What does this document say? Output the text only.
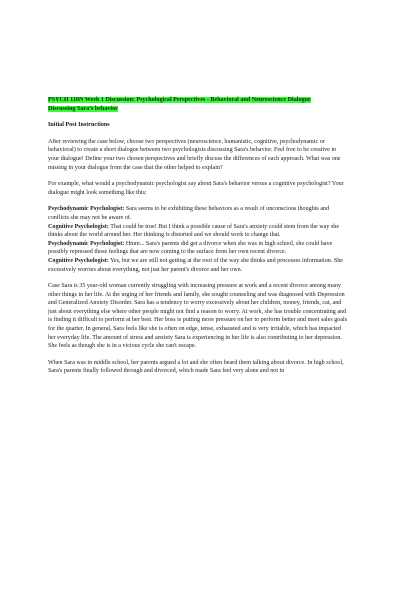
PSYCH 110N Week 1 Discussion: Psychological Perspectives - Behavioral and Neuroscience Dialogue Discussing Sara’s behavior
Initial Post Instructions

After reviewing the case below, choose two perspectives (neuroscience, humanistic, cognitive, psychodynamic or behavioral) to create a short dialogue between two psychologists discussing Sara's behavior. Feel free to be creative in your dialogue! Define your two chosen perspectives and briefly discuss the differences of each approach. What was one missing in your dialogue from the case that the other helped to explain?

For example, what would a psychodynamic psychologist say about Sara's behavior versus a cognitive psychologist? Your dialogue might look something like this:

Psychodynamic Psychologist: Sara seems to be exhibiting these behaviors as a result of unconscious thoughts and conflicts she may not be aware of.

Cognitive Psychologist: That could be true! But I think a possible cause of Sara's anxiety could stem from the way she thinks about the world around her. Her thinking is distorted and we should work to change that.

Psychodynamic Psychologist: Hmm... Sara's parents did get a divorce when she was in high school, she could have possibly repressed those feelings that are now coming to the surface from her own recent divorce.

Cognitive Psychologist: Yes, but we are still not getting at the root of the way she thinks and processes information. She excessively worries about everything, not just her parent's divorce and her own.

Case Sara is 35 year-old woman currently struggling with increasing pressure at work and a recent divorce among many other things in her life. At the urging of her friends and family, she sought counseling and was diagnosed with Depression and Generalized Anxiety Disorder. Sara has a tendency to worry excessively about her children, money, friends, cat, and just about everything else where other people might not find a reason to worry. At work, she has trouble concentrating and is finding it difficult to perform at her best. Her boss is putting more pressure on her to perform better and meet sales goals for the quarter. In general, Sara feels like she is often on edge, tense, exhausted and is very irritable, which has impacted her everyday life. The amount of stress and anxiety Sara is experiencing in her life is also contributing to her depression. She feels as though she is in a vicious cycle she can't escape.

When Sara was in middle school, her parents argued a lot and she often heard them talking about divorce. In high school, Sara's parents finally followed through and divorced, which made Sara feel very alone and not in
